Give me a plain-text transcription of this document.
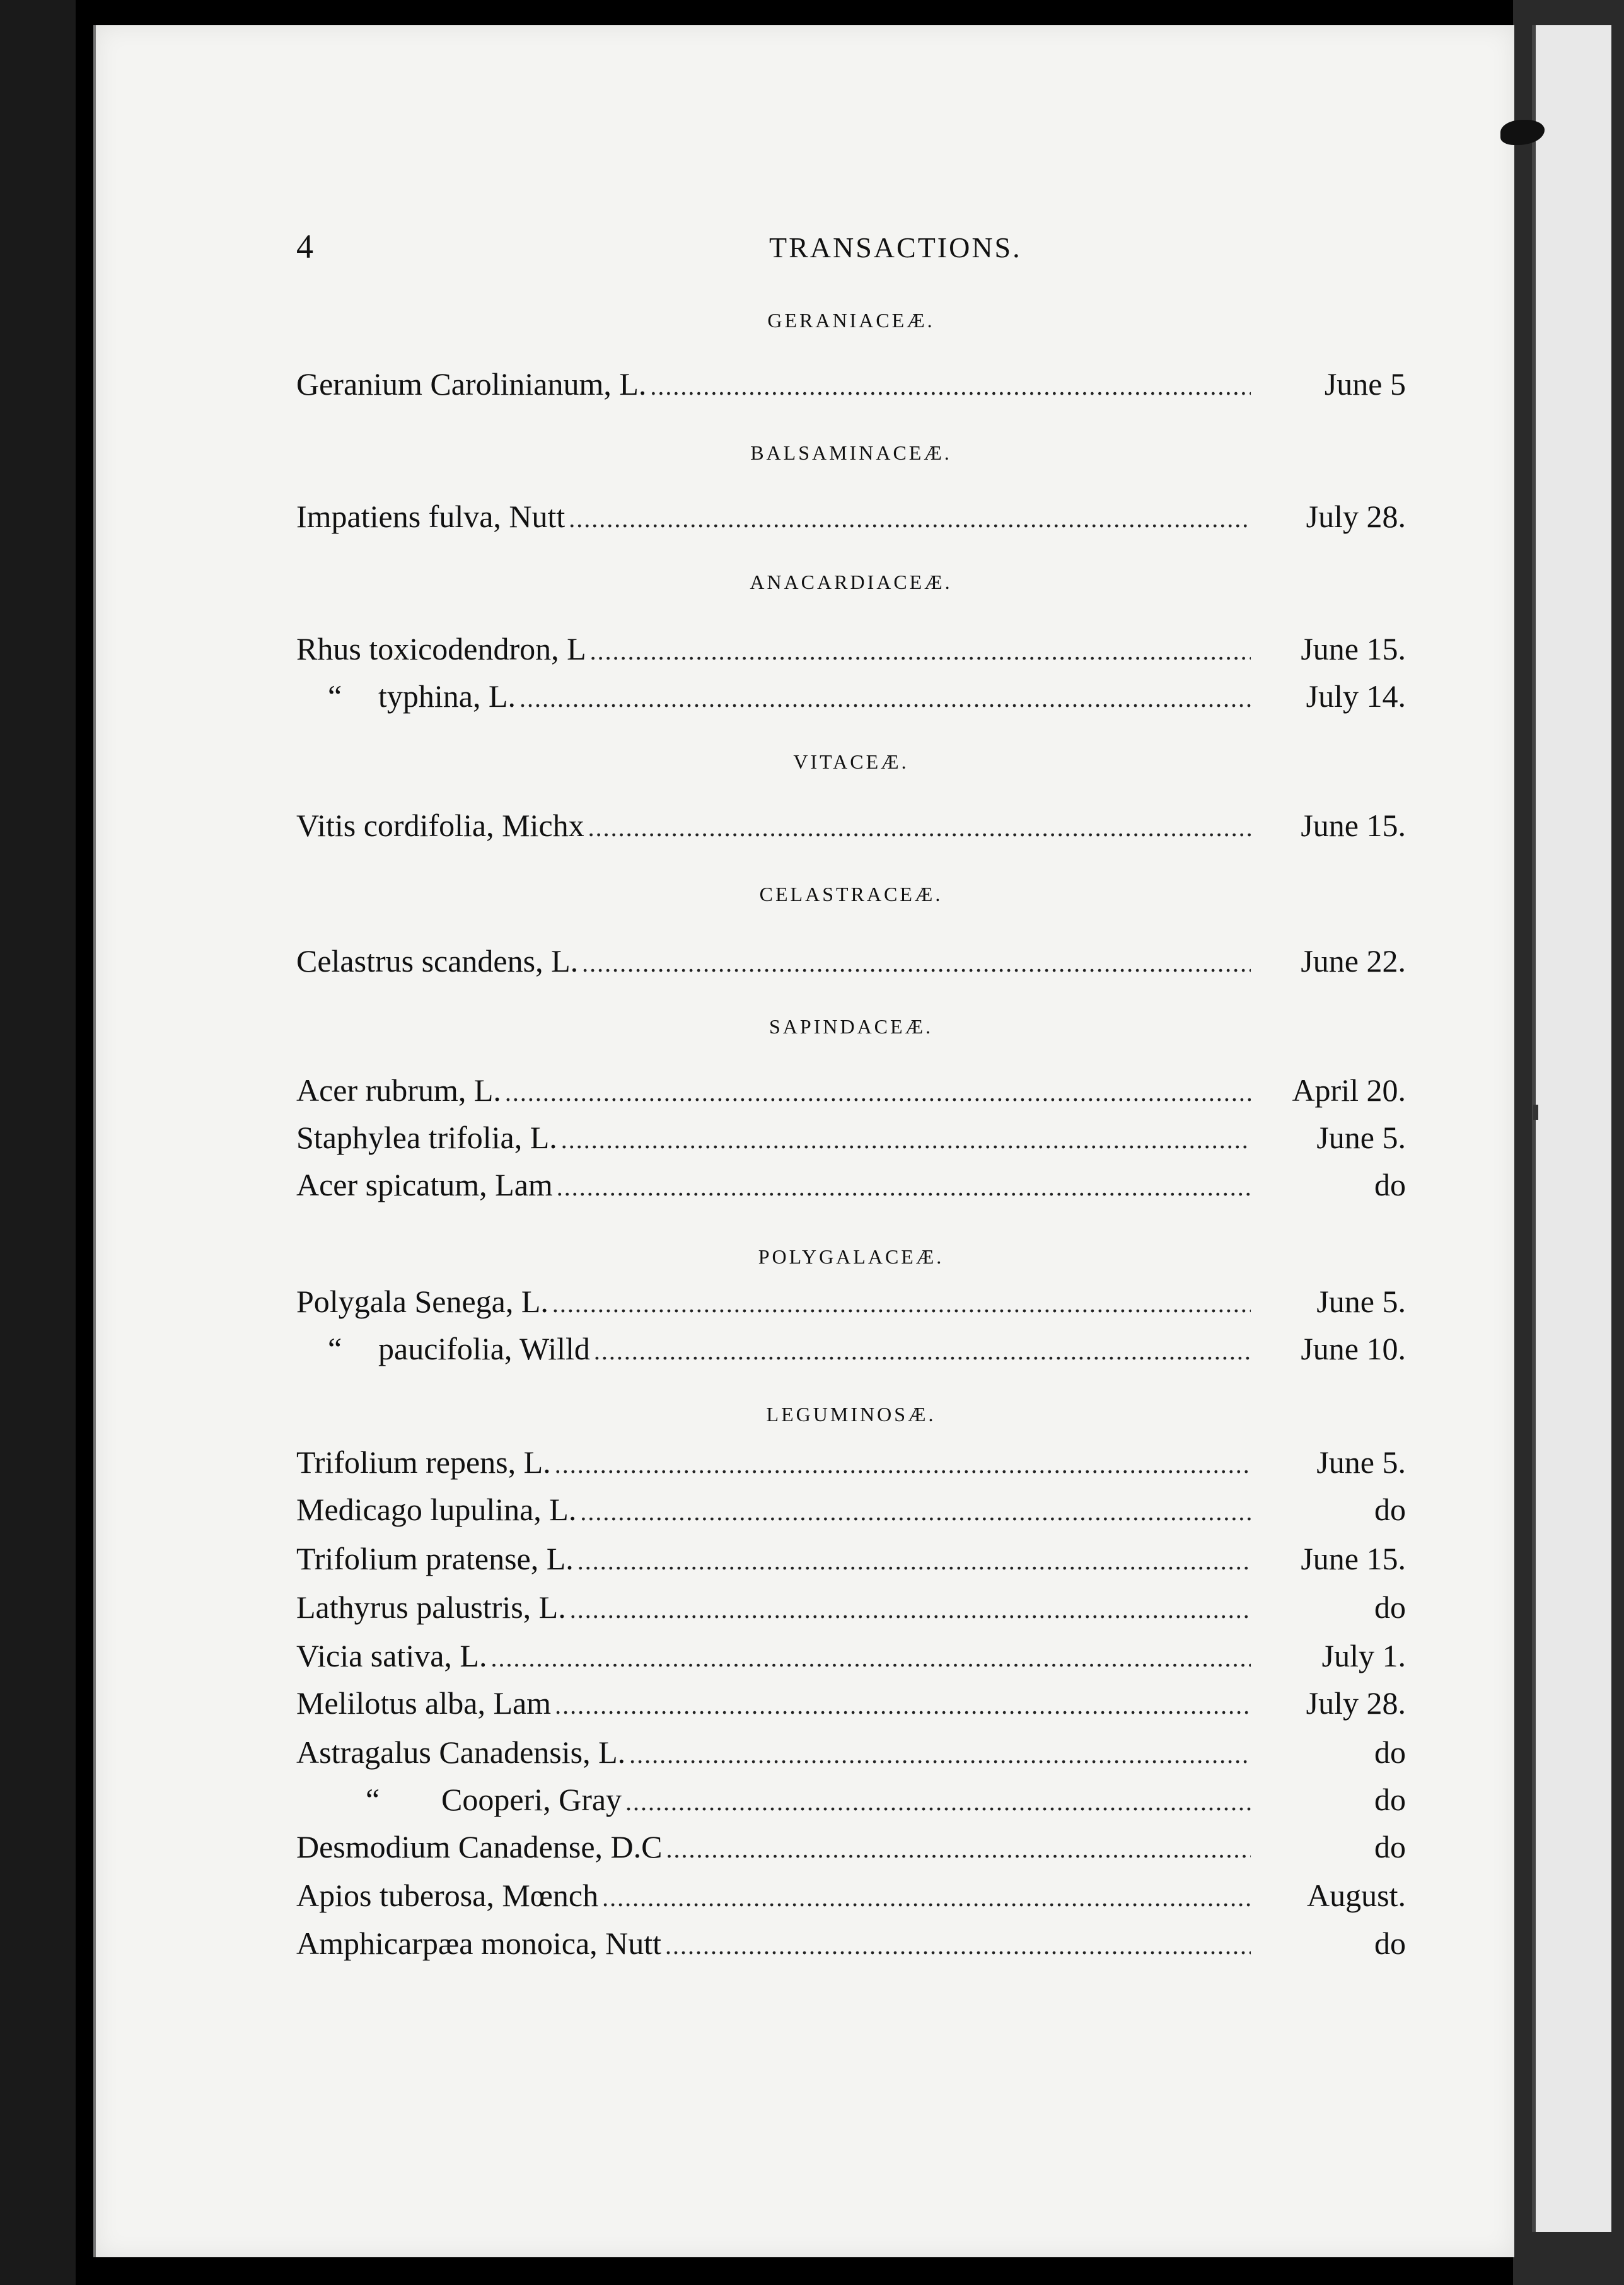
4	TRANSACTIONS.
GERANIACEÆ.
Geranium Carolinianum, L. .....	June 5
BALSAMINACEÆ.
Impatiens fulva, Nutt .....	July 28.
ANACARDIACEÆ.
Rhus toxicodendron, L .....	June 15.
“	typhina, L. .....	July 14.
VITACEÆ.
Vitis cordifolia, Michx .....	June 15.
CELASTRACEÆ.
Celastrus scandens, L. .....	June 22.
SAPINDACEÆ.
Acer rubrum, L. .....	April 20.
Staphylea trifolia, L. .....	June 5.
Acer spicatum, Lam .....	do
POLYGALACEÆ.
Polygala Senega, L. .....	June 5.
“	paucifolia, Willd .....	June 10.
LEGUMINOSÆ.
Trifolium repens, L. .....	June 5.
Medicago lupulina, L. .....	do
Trifolium pratense, L. .....	June 15.
Lathyrus palustris, L. .....	do
Vicia sativa, L. .....	July 1.
Melilotus alba, Lam .....	July 28.
Astragalus Canadensis, L. .....	do
“	Cooperi, Gray .....	do
Desmodium Canadense, D.C .....	do
Apios tuberosa, Mœnch .....	August.
Amphicarpæa monoica, Nutt .....	do
